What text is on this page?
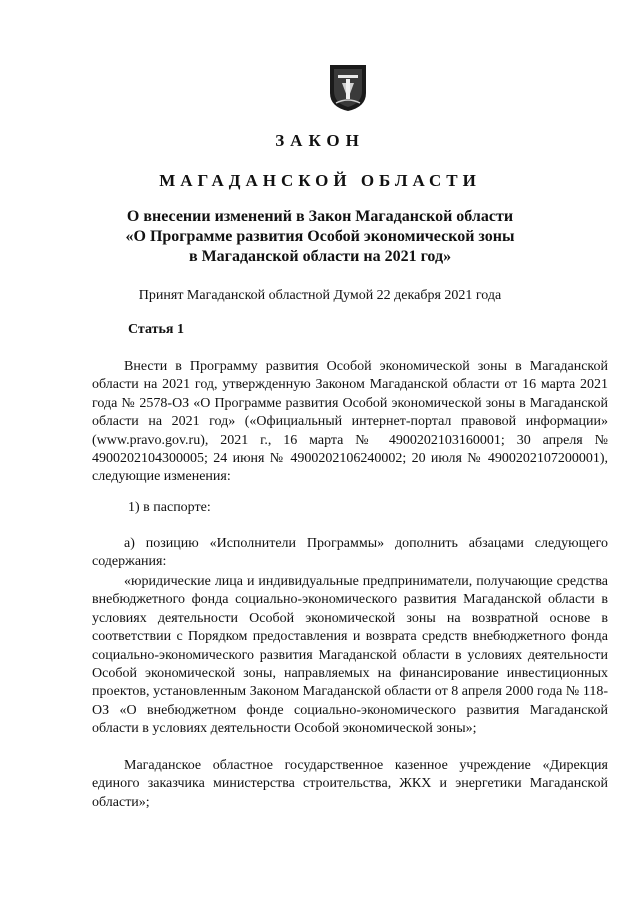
ЗАКОН
МАГАДАНСКОЙ ОБЛАСТИ
О внесении изменений в Закон Магаданской области
«О Программе развития Особой экономической зоны
в Магаданской области на 2021 год»
Принят Магаданской областной Думой 22 декабря 2021 года
Статья 1
Внести в Программу развития Особой экономической зоны в Магаданской области на 2021 год, утвержденную Законом Магаданской области от 16 марта 2021 года № 2578-ОЗ «О Программе развития Особой экономической зоны в Магаданской области на 2021 год» («Официальный интернет-портал правовой информации» (www.pravo.gov.ru), 2021 г., 16 марта № 4900202103160001; 30 апреля № 4900202104300005; 24 июня № 4900202106240002; 20 июля № 4900202107200001), следующие изменения:
1) в паспорте:
а) позицию «Исполнители Программы» дополнить абзацами следующего содержания:
«юридические лица и индивидуальные предприниматели, получающие средства внебюджетного фонда социально-экономического развития Магаданской области в условиях деятельности Особой экономической зоны на возвратной основе в соответствии с Порядком предоставления и возврата средств внебюджетного фонда социально-экономического развития Магаданской области в условиях деятельности Особой экономической зоны, направляемых на финансирование инвестиционных проектов, установленным Законом Магаданской области от 8 апреля 2000 года № 118-ОЗ «О внебюджетном фонде социально-экономического развития Магаданской области в условиях деятельности Особой экономической зоны»;
Магаданское областное государственное казенное учреждение «Дирекция единого заказчика министерства строительства, ЖКХ и энергетики Магаданской области»;
